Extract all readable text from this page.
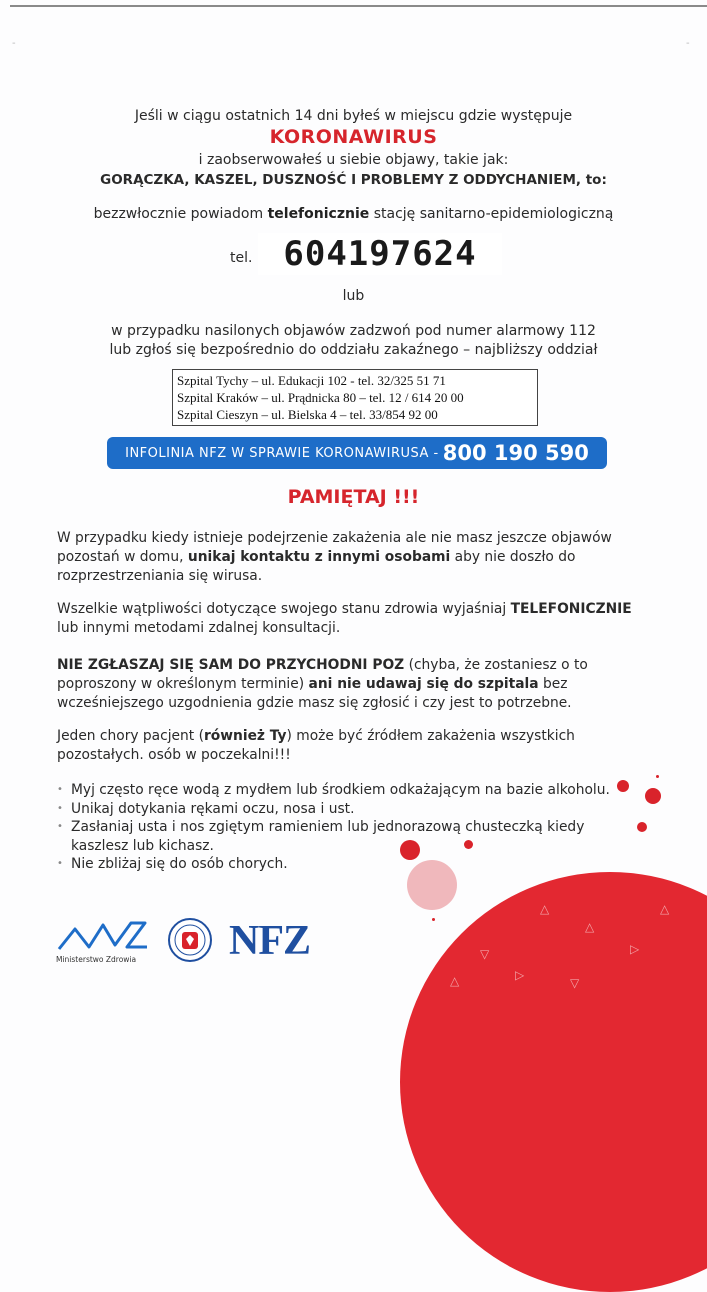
-	-
Jeśli w ciągu ostatnich 14 dni byłeś w miejscu gdzie występuje
KORONAWIRUS
i zaobserwowałeś u siebie objawy, takie jak:
GORĄCZKA, KASZEL, DUSZNOŚĆ I PROBLEMY Z ODDYCHANIEM, to:
bezzwłocznie powiadom telefonicznie stację sanitarno-epidemiologiczną
tel. 604197624
lub
w przypadku nasilonych objawów zadzwoń pod numer alarmowy 112
lub zgłoś się bezpośrednio do oddziału zakaźnego – najbliższy oddział
Szpital Tychy – ul. Edukacji 102 - tel. 32/325 51 71
Szpital Kraków – ul. Prądnicka 80 – tel. 12 / 614 20 00
Szpital Cieszyn – ul. Bielska 4 – tel. 33/854 92 00
INFOLINIA NFZ W SPRAWIE KORONAWIRUSA - 800 190 590
PAMIĘTAJ !!!
W przypadku kiedy istnieje podejrzenie zakażenia ale nie masz jeszcze objawów pozostań w domu, unikaj kontaktu z innymi osobami aby nie doszło do rozprzestrzeniania się wirusa.
Wszelkie wątpliwości dotyczące swojego stanu zdrowia wyjaśniaj TELEFONICZNIE lub innymi metodami zdalnej konsultacji.
NIE ZGŁASZAJ SIĘ SAM DO PRZYCHODNI POZ (chyba, że zostaniesz o to poproszony w określonym terminie) ani nie udawaj się do szpitala bez wcześniejszego uzgodnienia gdzie masz się zgłosić i czy jest to potrzebne.
Jeden chory pacjent (również Ty) może być źródłem zakażenia wszystkich pozostałych. osób w poczekalni!!!
• Myj często ręce wodą z mydłem lub środkiem odkażającym na bazie alkoholu.
• Unikaj dotykania rękami oczu, nosa i ust.
• Zasłaniaj usta i nos zgiętym ramieniem lub jednorazową chusteczką kiedy kaszlesz lub kichasz.
• Nie zbliżaj się do osób chorych.
▷
△
△
▽	▷
▷
△	▽
△
Ministerstwo Zdrowia NFZ
